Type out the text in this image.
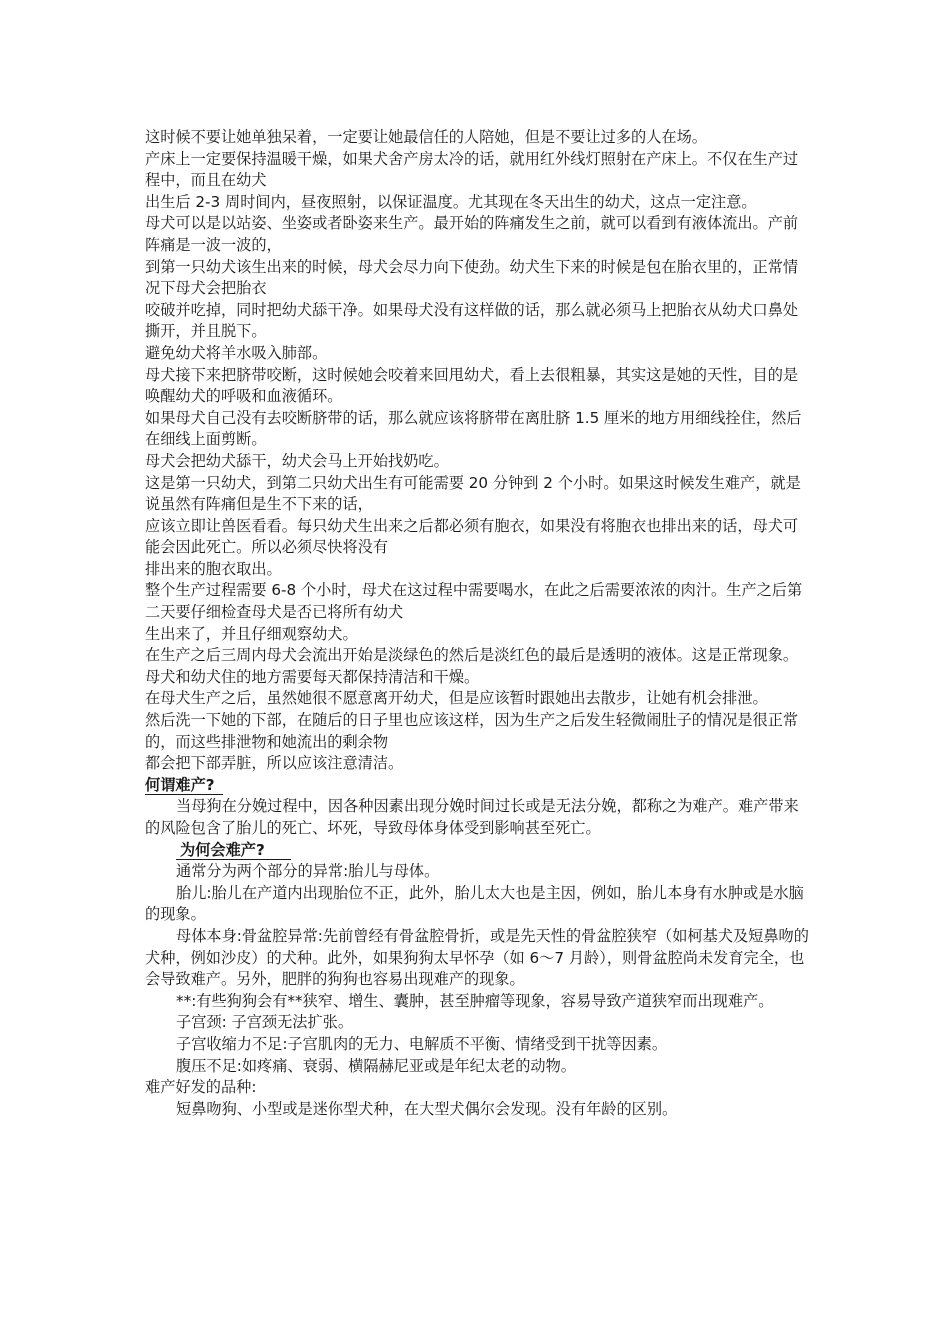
这时候不要让她单独呆着，一定要让她最信任的人陪她，但是不要让过多的人在场。

产床上一定要保持温暖干燥，如果犬舍产房太冷的话，就用红外线灯照射在产床上。不仅在生产过程中，而且在幼犬

出生后 2-3 周时间内，昼夜照射，以保证温度。尤其现在冬天出生的幼犬，这点一定注意。

母犬可以是以站姿、坐姿或者卧姿来生产。最开始的阵痛发生之前，就可以看到有液体流出。产前阵痛是一波一波的，

到第一只幼犬该生出来的时候，母犬会尽力向下使劲。幼犬生下来的时候是包在胎衣里的，正常情况下母犬会把胎衣

咬破并吃掉，同时把幼犬舔干净。如果母犬没有这样做的话，那么就必须马上把胎衣从幼犬口鼻处撕开，并且脱下。

避免幼犬将羊水吸入肺部。

母犬接下来把脐带咬断，这时候她会咬着来回甩幼犬，看上去很粗暴，其实这是她的天性，目的是唤醒幼犬的呼吸和血液循环。

如果母犬自己没有去咬断脐带的话，那么就应该将脐带在离肚脐 1.5 厘米的地方用细线拴住，然后在细线上面剪断。

母犬会把幼犬舔干，幼犬会马上开始找奶吃。

这是第一只幼犬，到第二只幼犬出生有可能需要 20 分钟到 2 个小时。如果这时候发生难产，就是说虽然有阵痛但是生不下来的话，

应该立即让兽医看看。每只幼犬生出来之后都必须有胞衣，如果没有将胞衣也排出来的话，母犬可能会因此死亡。所以必须尽快将没有

排出来的胞衣取出。

整个生产过程需要 6-8 个小时，母犬在这过程中需要喝水，在此之后需要浓浓的肉汁。生产之后第二天要仔细检查母犬是否已将所有幼犬

生出来了，并且仔细观察幼犬。

在生产之后三周内母犬会流出开始是淡绿色的然后是淡红色的最后是透明的液体。这是正常现象。

母犬和幼犬住的地方需要每天都保持清洁和干燥。

在母犬生产之后，虽然她很不愿意离开幼犬，但是应该暂时跟她出去散步，让她有机会排泄。

然后洗一下她的下部，在随后的日子里也应该这样，因为生产之后发生轻微闹肚子的情况是很正常的，而这些排泄物和她流出的剩余物

都会把下部弄脏，所以应该注意清洁。

何谓难产?

当母狗在分娩过程中，因各种因素出现分娩时间过长或是无法分娩，都称之为难产。难产带来的风险包含了胎儿的死亡、坏死，导致母体身体受到影响甚至死亡。

为何会难产?

通常分为两个部分的异常:胎儿与母体。

胎儿:胎儿在产道内出现胎位不正，此外，胎儿太大也是主因，例如，胎儿本身有水肿或是水脑的现象。

母体本身:骨盆腔异常:先前曾经有骨盆腔骨折，或是先天性的骨盆腔狭窄（如柯基犬及短鼻吻的犬种，例如沙皮）的犬种。此外，如果狗狗太早怀孕（如 6～7 月龄），则骨盆腔尚未发育完全，也会导致难产。另外，肥胖的狗狗也容易出现难产的现象。

**:有些狗狗会有**狭窄、增生、囊肿，甚至肿瘤等现象，容易导致产道狭窄而出现难产。

子宫颈: 子宫颈无法扩张。

子宫收缩力不足:子宫肌肉的无力、电解质不平衡、情绪受到干扰等因素。

腹压不足:如疼痛、衰弱、横隔赫尼亚或是年纪太老的动物。

难产好发的品种:

短鼻吻狗、小型或是迷你型犬种，在大型犬偶尔会发现。没有年龄的区别。
